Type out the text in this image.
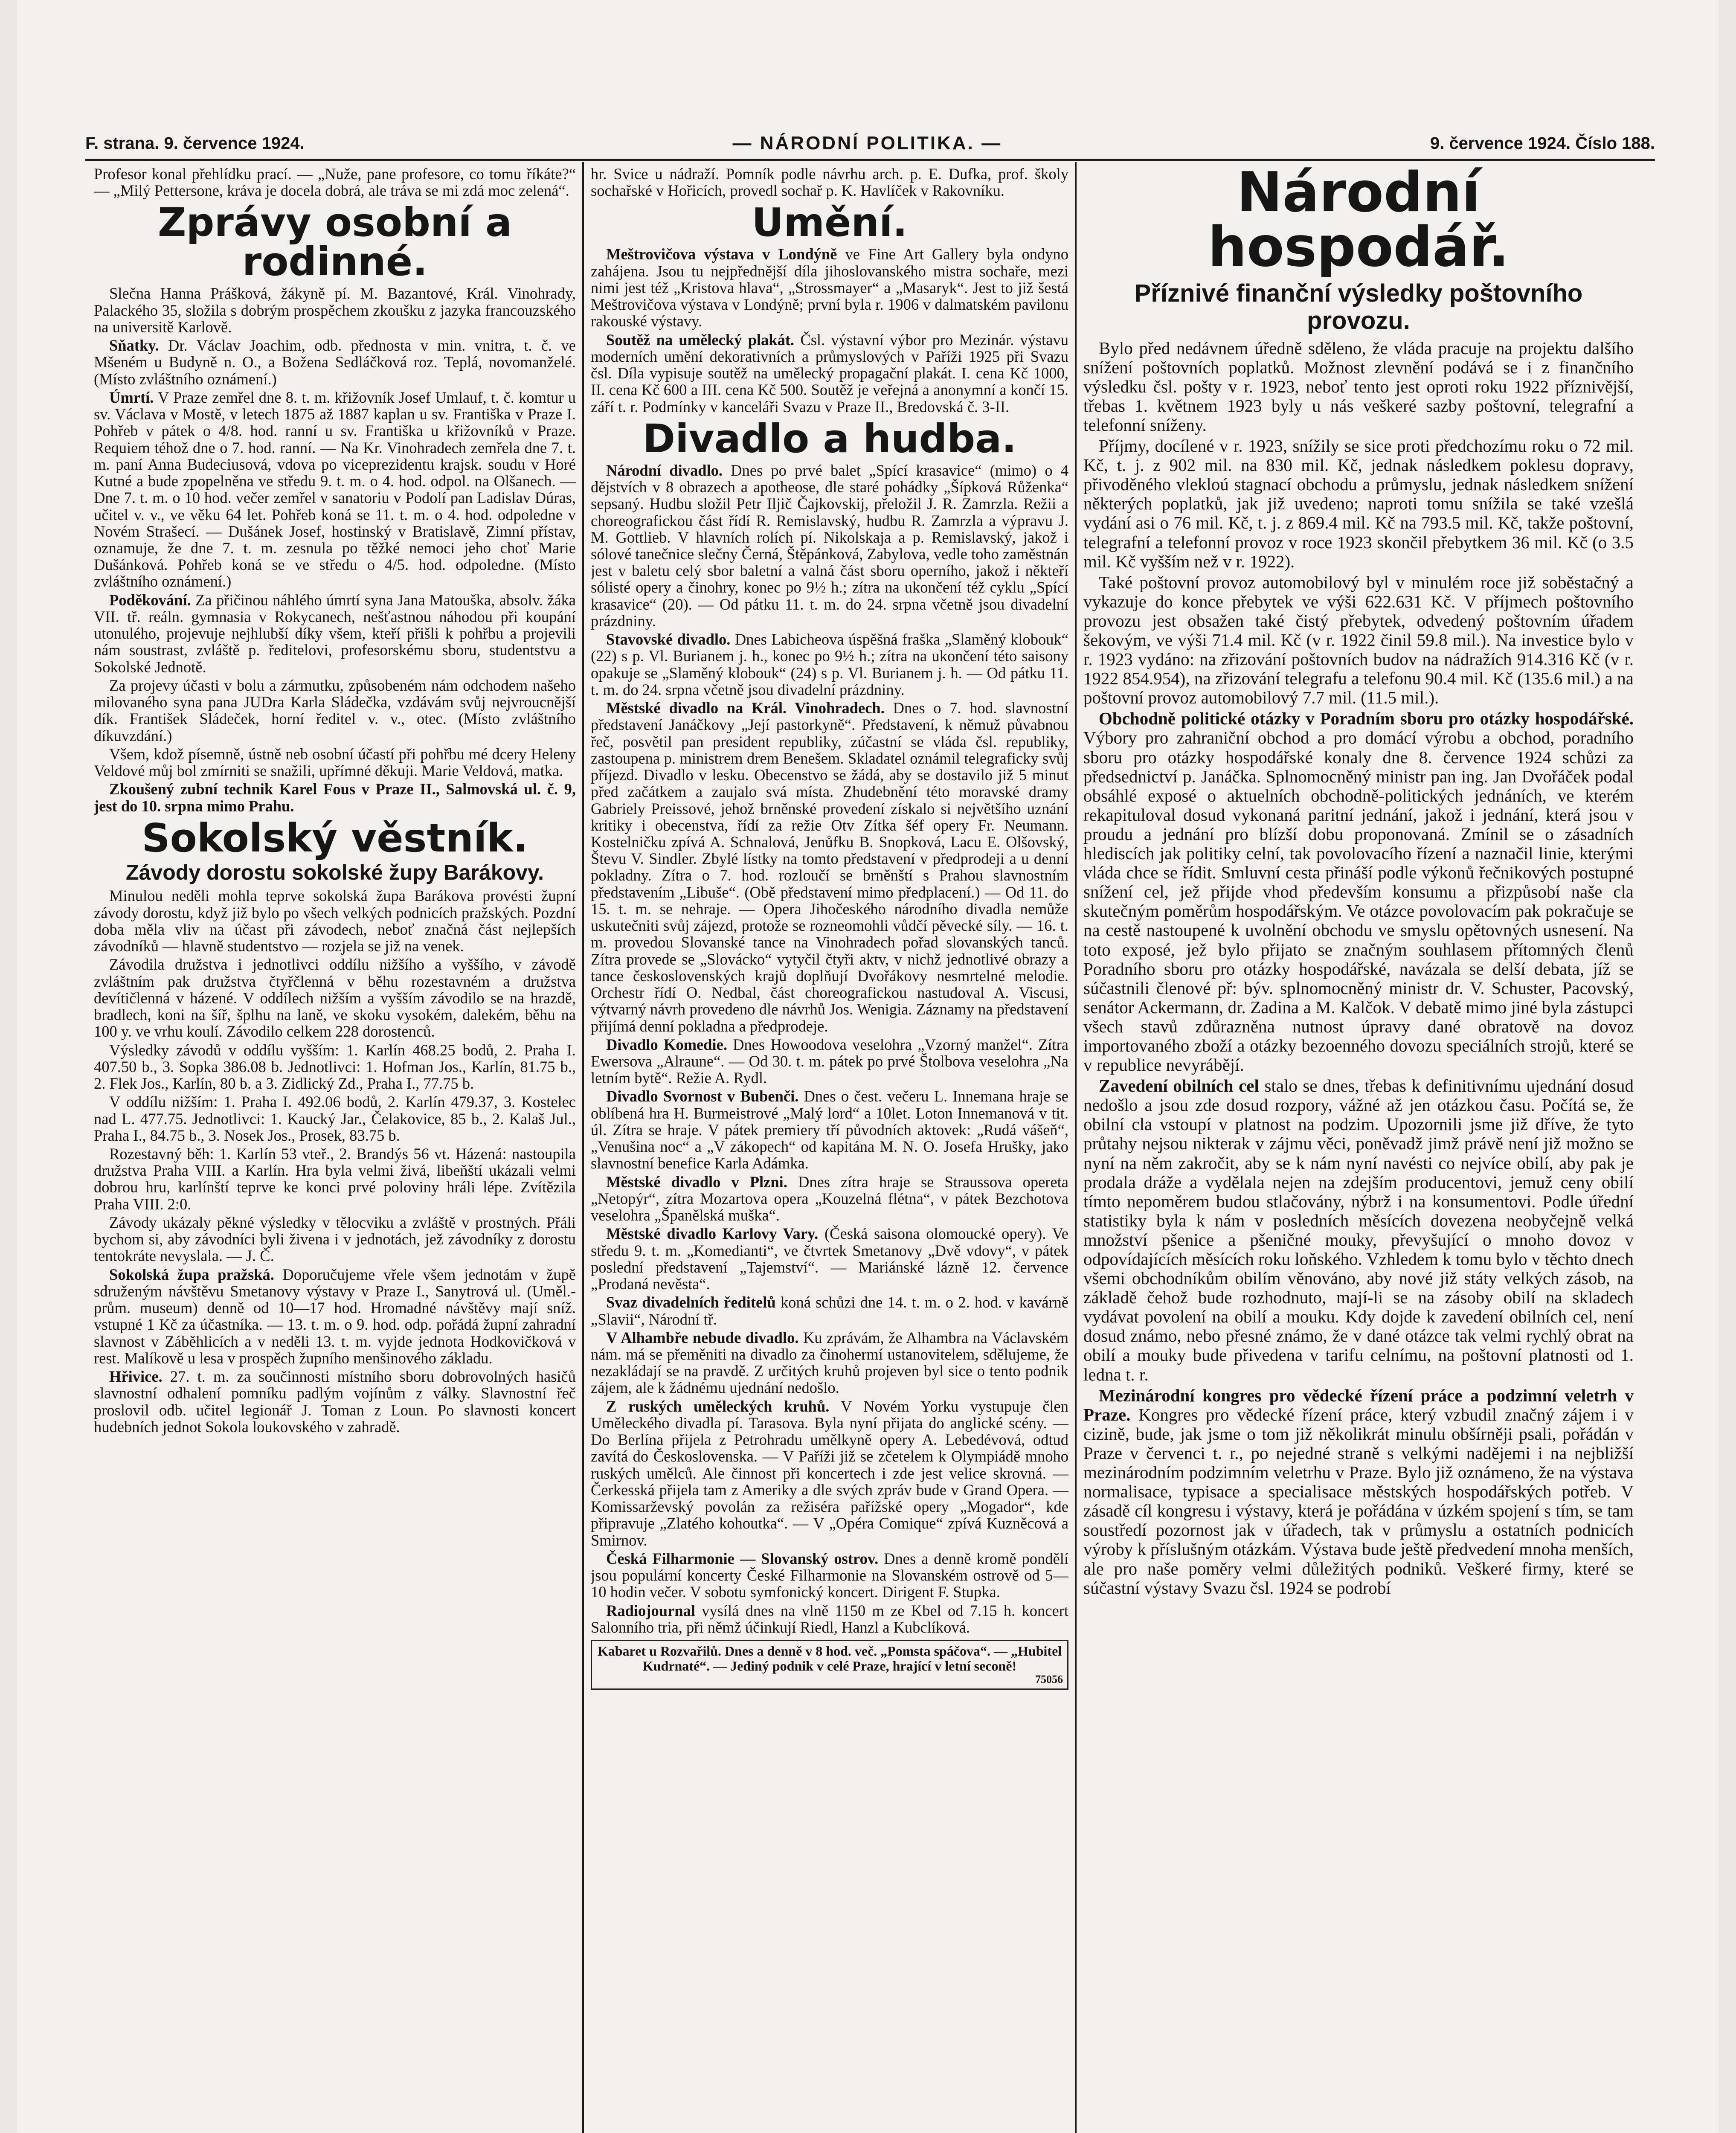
F. strana. 9. července 1924.	— NÁRODNÍ POLITIKA. —	9. července 1924. Číslo 188.

Profesor konal přehlídku prací. — „Nuže, pane profesore, co tomu říkáte?“ — „Milý Pettersone, kráva je docela dobrá, ale tráva se mi zdá moc zelená“.

Zprávy osobní a rodinné.

Slečna Hanna Prášková, žákyně pí. M. Bazantové, Král. Vinohrady, Palackého 35, složila s dobrým prospěchem zkoušku z jazyka francouzského na universitě Karlově.

Sňatky. Dr. Václav Joachim, odb. přednosta v min. vnitra, t. č. ve Mšeném u Budyně n. O., a Božena Sedláčková roz. Teplá, novomanželé. (Místo zvláštního oznámení.)

Úmrtí. V Praze zemřel dne 8. t. m. křižovník Josef Umlauf, t. č. komtur u sv. Václava v Mostě, v letech 1875 až 1887 kaplan u sv. Františka v Praze I. Pohřeb v pátek o 4/8. hod. ranní u sv. Františka u křižovníků v Praze. Requiem téhož dne o 7. hod. ranní. — Na Kr. Vinohradech zemřela dne 7. t. m. paní Anna Budeciusová, vdova po viceprezidentu krajsk. soudu v Horé Kutné a bude zpopelněna ve středu 9. t. m. o 4. hod. odpol. na Olšanech. — Dne 7. t. m. o 10 hod. večer zemřel v sanatoriu v Podolí pan Ladislav Dúras, učitel v. v., ve věku 64 let. Pohřeb koná se 11. t. m. o 4. hod. odpoledne v Novém Strašecí. — Dušánek Josef, hostinský v Bratislavě, Zimní přístav, oznamuje, že dne 7. t. m. zesnula po těžké nemoci jeho choť Marie Dušánková. Pohřeb koná se ve středu o 4/5. hod. odpoledne. (Místo zvláštního oznámení.)

Poděkování. Za přičinou náhlého úmrtí syna Jana Matouška, absolv. žáka VII. tř. reáln. gymnasia v Rokycanech, nešťastnou náhodou při koupání utonulého, projevuje nejhlubší díky všem, kteří přišli k pohřbu a projevili nám soustrast, zvláště p. ředitelovi, profesorskému sboru, studentstvu a Sokolské Jednotě.

Za projevy účasti v bolu a zármutku, způsobeném nám odchodem našeho milovaného syna pana JUDra Karla Sládečka, vzdávám svůj nejvroucnější dík. František Sládeček, horní ředitel v. v., otec. (Místo zvláštního díkuvzdání.)

Všem, kdož písemně, ústně neb osobní účastí při pohřbu mé dcery Heleny Veldové můj bol zmírniti se snažili, upřímné děkuji. Marie Veldová, matka.

Zkoušený zubní technik Karel Fous v Praze II., Salmovská ul. č. 9, jest do 10. srpna mimo Prahu.

Sokolský věstník.
Závody dorostu sokolské župy Barákovy.

Minulou neděli mohla teprve sokolská župa Barákova provésti župní závody dorostu, když již bylo po všech velkých podnicích pražských. Pozdní doba měla vliv na účast při závodech, neboť značná část nejlepších závodníků — hlavně studentstvo — rozjela se již na venek.

Závodila družstva i jednotlivci oddílu nižšího a vyššího, v závodě zvláštním pak družstva čtyřčlenná v běhu rozestavném a družstva devítičlenná v házené. V oddílech nižším a vyšším závodilo se na hrazdě, bradlech, koni na šíř, šplhu na laně, ve skoku vysokém, dalekém, běhu na 100 y. ve vrhu koulí. Závodilo celkem 228 dorostenců.

Výsledky závodů v oddílu vyšším: 1. Karlín 468.25 bodů, 2. Praha I. 407.50 b., 3. Sopka 386.08 b. Jednotlivci: 1. Hofman Jos., Karlín, 81.75 b., 2. Flek Jos., Karlín, 80 b. a 3. Zidlický Zd., Praha I., 77.75 b.

V oddílu nižším: 1. Praha I. 492.06 bodů, 2. Karlín 479.37, 3. Kostelec nad L. 477.75. Jednotlivci: 1. Kaucký Jar., Čelakovice, 85 b., 2. Kalaš Jul., Praha I., 84.75 b., 3. Nosek Jos., Prosek, 83.75 b.

Rozestavný běh: 1. Karlín 53 vteř., 2. Brandýs 56 vt. Házená: nastoupila družstva Praha VIII. a Karlín. Hra byla velmi živá, libeňští ukázali velmi dobrou hru, karlínští teprve ke konci prvé poloviny hráli lépe. Zvítězila Praha VIII. 2:0.

Závody ukázaly pěkné výsledky v tělocviku a zvláště v prostných. Přáli bychom si, aby závodníci byli živena i v jednotách, jež závodníky z dorostu tentokráte nevyslala. — J. Č.

Sokolská župa pražská. Doporučujeme vřele všem jednotám v župě sdruženým návštěvu Smetanovy výstavy v Praze I., Sanytrová ul. (Uměl.-prům. museum) denně od 10—17 hod. Hromadné návštěvy mají sníž. vstupné 1 Kč za účastníka. — 13. t. m. o 9. hod. odp. pořádá župní zahradní slavnost v Záběhlicích a v neděli 13. t. m. vyjde jednota Hodkovičková v rest. Malíkově u lesa v prospěch župního menšinového základu.

Hřivice. 27. t. m. za součinnosti místního sboru dobrovolných hasičů slavnostní odhalení pomníku padlým vojínům z války. Slavnostní řeč proslovil odb. učitel legionář J. Toman z Loun. Po slavnosti koncert hudebních jednot Sokola loukovského v zahradě.

hr. Svice u nádraží. Pomník podle návrhu arch. p. E. Dufka, prof. školy sochařské v Hořicích, provedl sochař p. K. Havlíček v Rakovníku.

Umění.

Meštrovičova výstava v Londýně ve Fine Art Gallery byla ondyno zahájena. Jsou tu nejpřednější díla jihoslovanského mistra sochaře, mezi nimi jest též „Kristova hlava“, „Strossmayer“ a „Masaryk“. Jest to již šestá Meštrovičova výstava v Londýně; první byla r. 1906 v dalmatském pavilonu rakouské výstavy.

Soutěž na umělecký plakát. Čsl. výstavní výbor pro Mezinár. výstavu moderních umění dekorativních a průmyslových v Paříži 1925 při Svazu čsl. Díla vypisuje soutěž na umělecký propagační plakát. I. cena Kč 1000, II. cena Kč 600 a III. cena Kč 500. Soutěž je veřejná a anonymní a končí 15. září t. r. Podmínky v kanceláři Svazu v Praze II., Bredovská č. 3-II.

Divadlo a hudba.

Národní divadlo. Dnes po prvé balet „Spící krasavice“ (mimo) o 4 dějstvích v 8 obrazech a apotheose, dle staré pohádky „Šípková Růženka“ sepsaný. Hudbu složil Petr Iljič Čajkovskij, přeložil J. R. Zamrzla. Režii a choreografickou část řídí R. Remislavský, hudbu R. Zamrzla a výpravu J. M. Gottlieb. V hlavních rolích pí. Nikolskaja a p. Remislavský, jakož i sólové tanečnice slečny Černá, Štěpánková, Zabylova, vedle toho zaměstnán jest v baletu celý sbor baletní a valná část sboru operního, jakož i někteří sólisté opery a činohry, konec po 9½ h.; zítra na ukončení též cyklu „Spící krasavice“ (20). — Od pátku 11. t. m. do 24. srpna včetně jsou divadelní prázdniny.

Stavovské divadlo. Dnes Labicheova úspěšná fraška „Slaměný klobouk“ (22) s p. Vl. Burianem j. h., konec po 9½ h.; zítra na ukončení této saisony opakuje se „Slaměný klobouk“ (24) s p. Vl. Burianem j. h. — Od pátku 11. t. m. do 24. srpna včetně jsou divadelní prázdniny.

Městské divadlo na Král. Vinohradech. Dnes o 7. hod. slavnostní představení Janáčkovy „Její pastorkyně“. Představení, k němuž půvabnou řeč, posvětil pan president republiky, zúčastní se vláda čsl. republiky, zastoupena p. ministrem drem Benešem. Skladatel oznámil telegraficky svůj příjezd. Divadlo v lesku. Obecenstvo se žádá, aby se dostavilo již 5 minut před začátkem a zaujalo svá místa. Zhudebnění této moravské dramy Gabriely Preissové, jehož brněnské provedení získalo si největšího uznání kritiky i obecenstva, řídí za režie Otv Zítka šéf opery Fr. Neumann. Kostelničku zpívá A. Schnalová, Jenůfku B. Snopková, Lacu E. Olšovský, Števu V. Sindler. Zbylé lístky na tomto představení v předprodeji a u denní pokladny. Zítra o 7. hod. rozloučí se brněnští s Prahou slavnostním představením „Libuše“. (Obě představení mimo předplacení.) — Od 11. do 15. t. m. se nehraje. — Opera Jihočeského národního divadla nemůže uskutečniti svůj zájezd, protože se rozneomohli vůdčí pěvecké síly. — 16. t. m. provedou Slovanské tance na Vinohradech pořad slovanských tanců. Zítra provede se „Slovácko“ vytyčil čtyři aktv, v nichž jednotlivé obrazy a tance československých krajů doplňují Dvořákovy nesmrtelné melodie. Orchestr řídí O. Nedbal, část choreografickou nastudoval A. Viscusi, výtvarný návrh provedeno dle návrhů Jos. Wenigia. Záznamy na představení přijímá denní pokladna a předprodeje.

Divadlo Komedie. Dnes Howoodova veselohra „Vzorný manžel“. Zítra Ewersova „Alraune“. — Od 30. t. m. pátek po prvé Štolbova veselohra „Na letním bytě“. Režie A. Rydl.

Divadlo Svornost v Bubenči. Dnes o čest. večeru L. Innemana hraje se oblíbená hra H. Burmeistrové „Malý lord“ a 10let. Loton Innemanová v tit. úl. Zítra se hraje. V pátek premiery tří původních aktovek: „Rudá vášeň“, „Venušina noc“ a „V zákopech“ od kapitána M. N. O. Josefa Hrušky, jako slavnostní benefice Karla Adámka.

Městské divadlo v Plzni. Dnes zítra hraje se Straussova opereta „Netopýr“, zítra Mozartova opera „Kouzelná flétna“, v pátek Bezchotova veselohra „Španělská muška“.

Městské divadlo Karlovy Vary. (Česká saisona olomoucké opery). Ve středu 9. t. m. „Komedianti“, ve čtvrtek Smetanovy „Dvě vdovy“, v pátek poslední představení „Tajemství“. — Mariánské lázně 12. července „Prodaná nevěsta“.

Svaz divadelních ředitelů koná schůzi dne 14. t. m. o 2. hod. v kavárně „Slavii“, Národní tř.

V Alhambře nebude divadlo. Ku zprávám, že Alhambra na Václavském nám. má se přeměniti na divadlo za činohermí ustanovitelem, sdělujeme, že nezakládají se na pravdě. Z určitých kruhů projeven byl sice o tento podnik zájem, ale k žádnému ujednání nedošlo.

Z ruských uměleckých kruhů. V Novém Yorku vystupuje člen Uměleckého divadla pí. Tarasova. Byla nyní přijata do anglické scény. — Do Berlína přijela z Petrohradu umělkyně opery A. Lebedévová, odtud zavítá do Československa. — V Paříži již se zčetelem k Olympiádě mnoho ruských umělců. Ale činnost při koncertech i zde jest velice skrovná. — Čerkesská přijela tam z Ameriky a dle svých zpráv bude v Grand Opera. — Komissarževský povolán za režiséra pařížské opery „Mogador“, kde připravuje „Zlatého kohoutka“. — V „Opéra Comique“ zpívá Kuzněcová a Smirnov.

Česká Filharmonie — Slovanský ostrov. Dnes a denně kromě pondělí jsou populární koncerty České Filharmonie na Slovanském ostrově od 5—10 hodin večer. V sobotu symfonický koncert. Dirigent F. Stupka.

Radiojournal vysílá dnes na vlně 1150 m ze Kbel od 7.15 h. koncert Salonního tria, při němž účinkují Riedl, Hanzl a Kubclíková.

Kabaret u Rozvařilů. Dnes a denně v 8 hod. več. „Pomsta spáčova“. — „Hubitel Kudrnaté“. — Jediný podnik v celé Praze, hrající v letní seconě!
75056
Národní hospodář.
Příznivé finanční výsledky poštovního provozu.

Bylo před nedávnem úředně sděleno, že vláda pracuje na projektu dalšího snížení poštovních poplatků. Možnost zlevnění podává se i z finančního výsledku čsl. pošty v r. 1923, neboť tento jest oproti roku 1922 příznivější, třebas 1. květnem 1923 byly u nás veškeré sazby poštovní, telegrafní a telefonní sníženy.

Příjmy, docílené v r. 1923, snížily se sice proti předchozímu roku o 72 mil. Kč, t. j. z 902 mil. na 830 mil. Kč, jednak následkem poklesu dopravy, přivoděného vlekloú stagnací obchodu a průmyslu, jednak následkem snížení některých poplatků, jak již uvedeno; naproti tomu snížila se také vzešlá vydání asi o 76 mil. Kč, t. j. z 869.4 mil. Kč na 793.5 mil. Kč, takže poštovní, telegrafní a telefonní provoz v roce 1923 skončil přebytkem 36 mil. Kč (o 3.5 mil. Kč vyšším než v r. 1922).

Také poštovní provoz automobilový byl v minulém roce již soběstačný a vykazuje do konce přebytek ve výši 622.631 Kč. V příjmech poštovního provozu jest obsažen také čistý přebytek, odvedený poštovním úřadem šekovým, ve výši 71.4 mil. Kč (v r. 1922 činil 59.8 mil.). Na investice bylo v r. 1923 vydáno: na zřizování poštovních budov na nádražích 914.316 Kč (v r. 1922 854.954), na zřizování telegrafu a telefonu 90.4 mil. Kč (135.6 mil.) a na poštovní provoz automobilový 7.7 mil. (11.5 mil.).

Obchodně politické otázky v Poradním sboru pro otázky hospodářské. Výbory pro zahraniční obchod a pro domácí výrobu a obchod, poradního sboru pro otázky hospodářské konaly dne 8. července 1924 schůzi za předsednictví p. Janáčka. Splnomocněný ministr pan ing. Jan Dvořáček podal obsáhlé exposé o aktuelních obchodně-politických jednáních, ve kterém rekapituloval dosud vykonaná paritní jednání, jakož i jednání, která jsou v proudu a jednání pro blízší dobu proponovaná. Zmínil se o zásadních hlediscích jak politiky celní, tak povolovacího řízení a naznačil linie, kterými vláda chce se řídit. Smluvní cesta přináší podle výkonů řečnikových postupné snížení cel, jež přijde vhod především konsumu a přizpůsobí naše cla skutečným poměrům hospodářským. Ve otázce povolovacím pak pokračuje se na cestě nastoupené k uvolnění obchodu ve smyslu opětovných usnesení. Na toto exposé, jež bylo přijato se značným souhlasem přítomných členů Poradního sboru pro otázky hospodářské, navázala se delší debata, jíž se súčastnili členové př: býv. splnomocněný ministr dr. V. Schuster, Pacovský, senátor Ackermann, dr. Zadina a M. Kalčok. V debatě mimo jiné byla zástupci všech stavů zdůrazněna nutnost úpravy dané obratově na dovoz importovaného zboží a otázky bezoenného dovozu speciálních strojů, které se v republice nevyrábějí.

Zavedení obilních cel stalo se dnes, třebas k definitivnímu ujednání dosud nedošlo a jsou zde dosud rozpory, vážné až jen otázkou času. Počítá se, že obilní cla vstoupí v platnost na podzim. Upozornili jsme již dříve, že tyto průtahy nejsou nikterak v zájmu věci, poněvadž jimž právě není již možno se nyní na něm zakročit, aby se k nám nyní navésti co nejvíce obilí, aby pak je prodala dráže a vydělala nejen na zdejším producentovi, jemuž ceny obilí tímto nepoměrem budou stlačovány, nýbrž i na konsumentovi. Podle úřední statistiky byla k nám v posledních měsících dovezena neobyčejně velká množství pšenice a pšeničné mouky, převyšující o mnoho dovoz v odpovídajících měsících roku loňského. Vzhledem k tomu bylo v těchto dnech všemi obchodníkům obilím věnováno, aby nové již státy velkých zásob, na základě čehož bude rozhodnuto, mají-li se na zásoby obilí na skladech vydávat povolení na obilí a mouku. Kdy dojde k zavedení obilních cel, není dosud známo, nebo přesné známo, že v dané otázce tak velmi rychlý obrat na obilí a mouky bude přivedena v tarifu celnímu, na poštovní platnosti od 1. ledna t. r.

Mezinárodní kongres pro vědecké řízení práce a podzimní veletrh v Praze. Kongres pro vědecké řízení práce, který vzbudil značný zájem i v cizině, bude, jak jsme o tom již několikrát minulu obšírněji psali, pořádán v Praze v červenci t. r., po nejedné straně s velkými nadějemi i na nejbližší mezinárodním podzimním veletrhu v Praze. Bylo již oznámeno, že na výstava normalisace, typisace a specialisace městských hospodářských potřeb. V zásadě cíl kongresu i výstavy, která je pořádána v úzkém spojení s tím, se tam soustředí pozornost jak v úřadech, tak v průmyslu a ostatních podnicích výroby k příslušným otázkám. Výstava bude ještě předvedení mnoha menších, ale pro naše poměry velmi důležitých podniků. Veškeré firmy, které se súčastní výstavy Svazu čsl. 1924 se podrobí
